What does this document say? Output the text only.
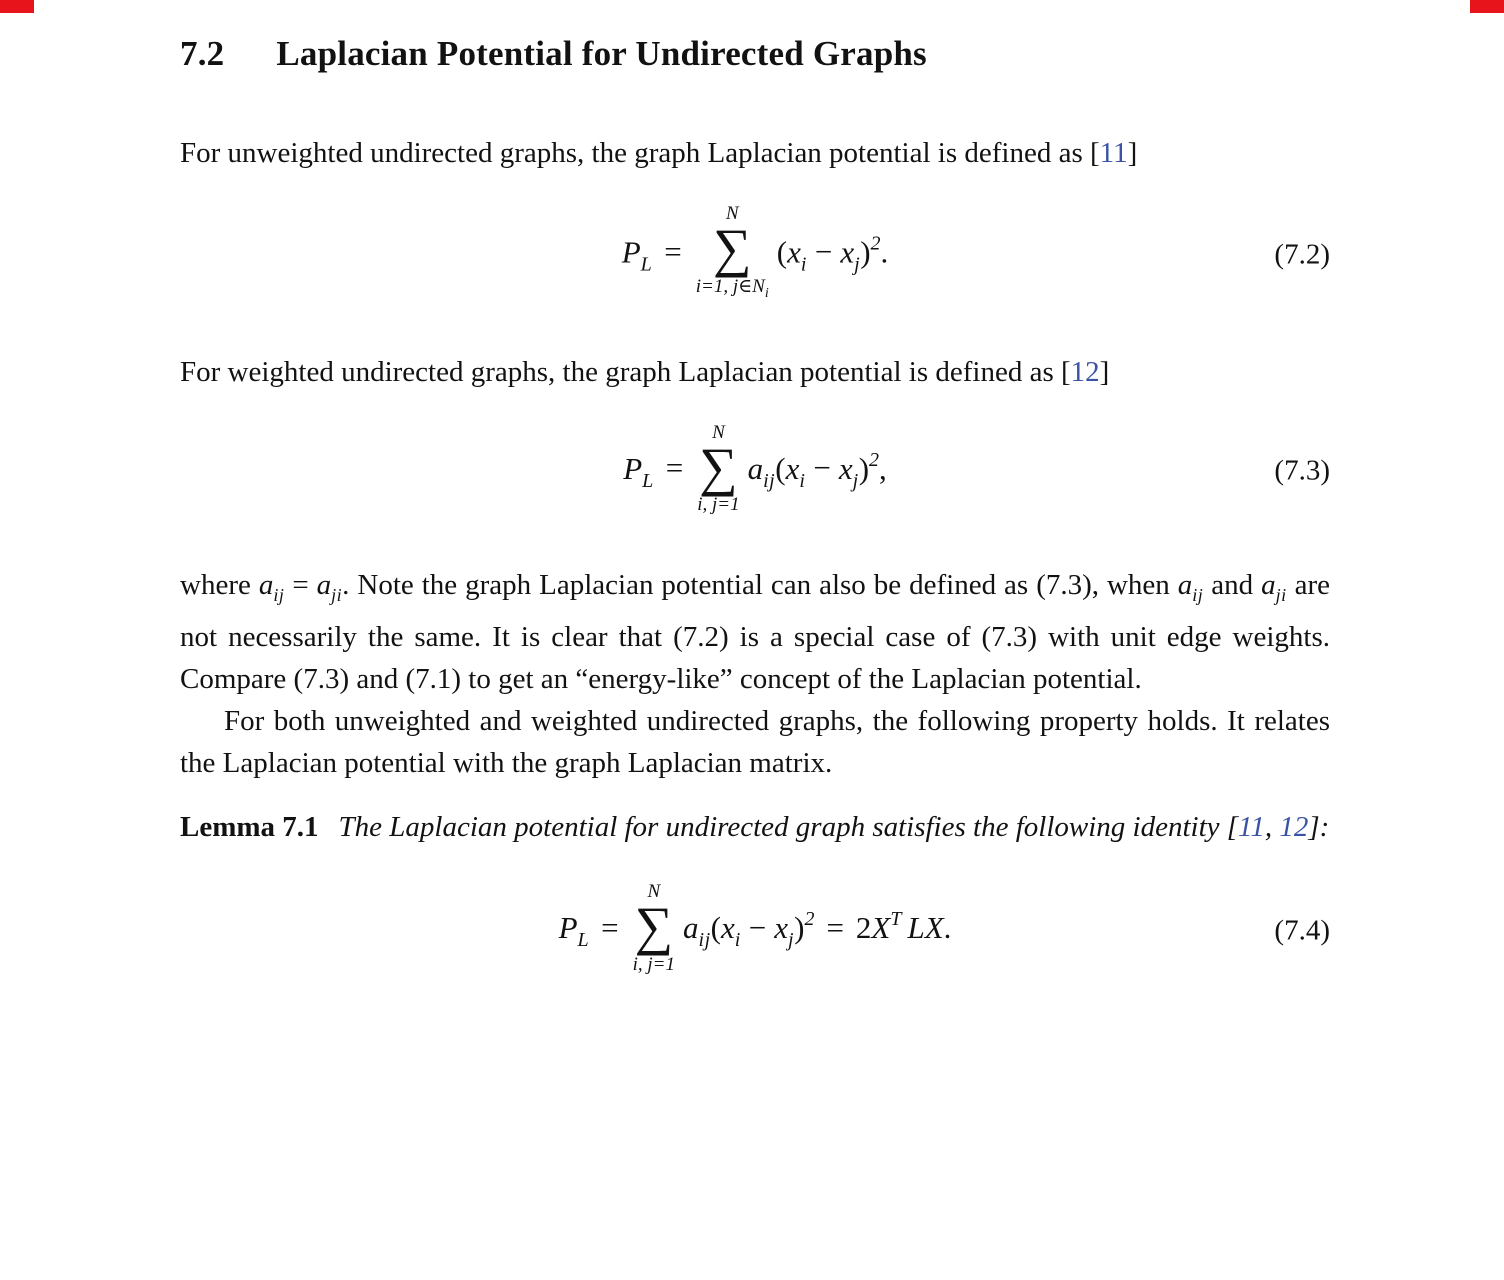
7.2 Laplacian Potential for Undirected Graphs

For unweighted undirected graphs, the graph Laplacian potential is defined as [11]

$P_L$ =
N
∑
i=1, $j\in N_i$
$(x_i - x_j)^2$.	(7.2)

For weighted undirected graphs, the graph Laplacian potential is defined as [12]

$P_L$ =
N
∑
i, j=1
$a_{ij}(x_i - x_j)^2$,	(7.3)

where $a_{ij} = a_{ji}$. Note the graph Laplacian potential can also be defined as (7.3), when $a_{ij}$ and $a_{ji}$ are not necessarily the same. It is clear that (7.2) is a special case of (7.3) with unit edge weights. Compare (7.3) and (7.1) to get an “energy-like” concept of the Laplacian potential.

For both unweighted and weighted undirected graphs, the following property holds. It relates the Laplacian potential with the graph Laplacian matrix.

Lemma 7.1 The Laplacian potential for undirected graph satisfies the following identity [11, 12]:

$P_L$ =
N
∑
i, j=1
$a_{ij}(x_i - x_j)^2 = 2X^T$ LX.	(7.4)
